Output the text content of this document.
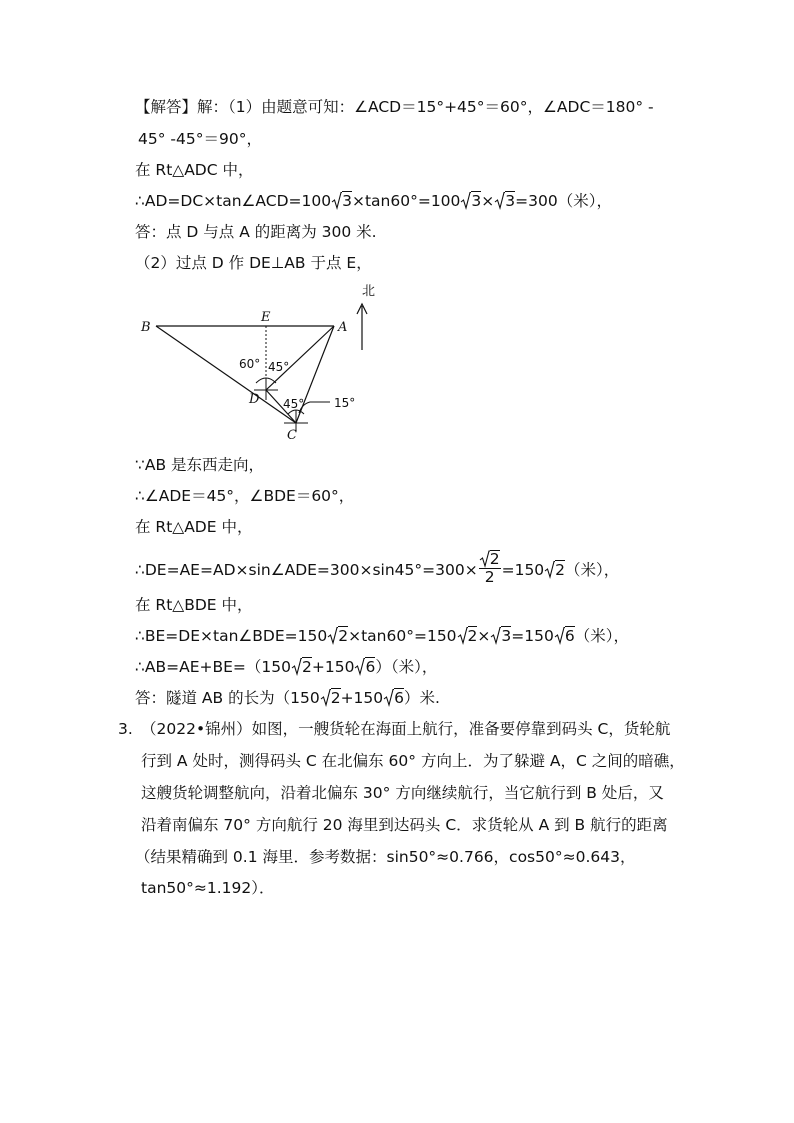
【解答】解：（1）由题意可知：∠ACD＝15°+45°＝60°，∠ADC＝180° -
45° -45°＝90°，
在 Rt△ADC 中，
∴AD=DC×tan∠ACD=100 3×tan60°=100 3× 3=300（米），
答：点 D 与点 A 的距离为 300 米.
（2）过点 D 作 DE⊥AB 于点 E，
北
B
E
A
D
C
60° 45°
45° 15°
∵AB 是东西走向，
∴∠ADE＝45°，∠BDE＝60°，
在 Rt△ADE 中，
∴DE=AE=AD×sin∠ADE=300×sin45°=300× $\frac{2}{2} =150$ 2（米），
在 Rt△BDE 中，
∴BE=DE×tan∠BDE=150 2×tan60°=150 2× 3=150 6（米），
∴AB=AE+BE=（150 2+150 6）（米），
答：隧道 AB 的长为（150 2+150 6）米.
3. （2022•锦州）如图，一艘货轮在海面上航行，准备要停靠到码头 C，货轮航
行到 A 处时，测得码头 C 在北偏东 60° 方向上．为了躲避 A，C 之间的暗礁，
这艘货轮调整航向，沿着北偏东 30° 方向继续航行，当它航行到 B 处后，又
沿着南偏东 70° 方向航行 20 海里到达码头 C．求货轮从 A 到 B 航行的距离
（结果精确到 0.1 海里．参考数据：sin50°≈0.766，cos50°≈0.643，
tan50°≈1.192）．
